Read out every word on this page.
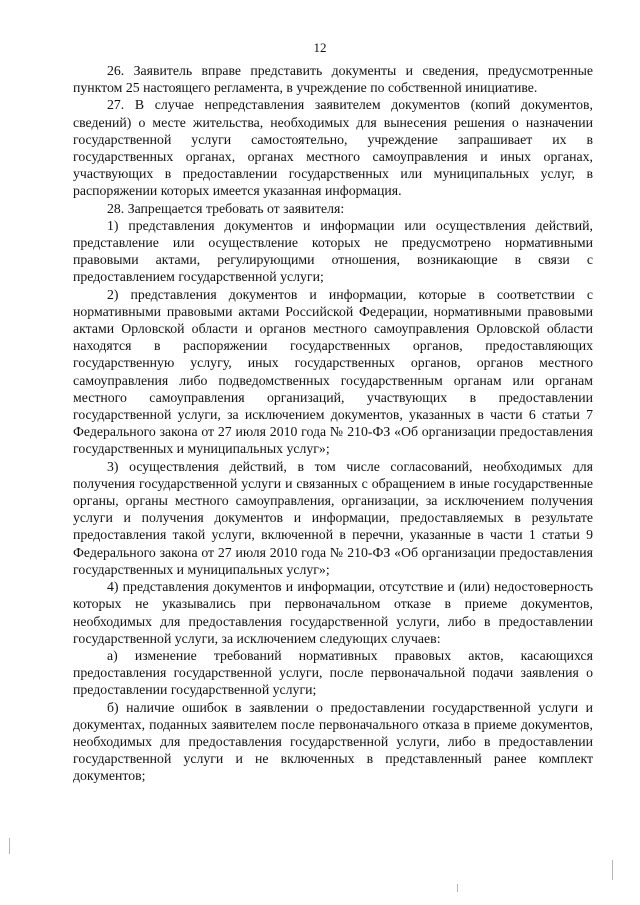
12

26. Заявитель вправе представить документы и сведения, предусмотренные пунктом 25 настоящего регламента, в учреждение по собственной инициативе.

27. В случае непредставления заявителем документов (копий документов, сведений) о месте жительства, необходимых для вынесения решения о назначении государственной услуги самостоятельно, учреждение запрашивает их в государственных органах, органах местного самоуправления и иных органах, участвующих в предоставлении государственных или муниципальных услуг, в распоряжении которых имеется указанная информация.

28. Запрещается требовать от заявителя:

1) представления документов и информации или осуществления действий, представление или осуществление которых не предусмотрено нормативными правовыми актами, регулирующими отношения, возникающие в связи с предоставлением государственной услуги;

2) представления документов и информации, которые в соответствии с нормативными правовыми актами Российской Федерации, нормативными правовыми актами Орловской области и органов местного самоуправления Орловской области находятся в распоряжении государственных органов, предоставляющих государственную услугу, иных государственных органов, органов местного самоуправления либо подведомственных государственным органам или органам местного самоуправления организаций, участвующих в предоставлении государственной услуги, за исключением документов, указанных в части 6 статьи 7 Федерального закона от 27 июля 2010 года № 210-ФЗ «Об организации предоставления государственных и муниципальных услуг»;

3) осуществления действий, в том числе согласований, необходимых для получения государственной услуги и связанных с обращением в иные государственные органы, органы местного самоуправления, организации, за исключением получения услуги и получения документов и информации, предоставляемых в результате предоставления такой услуги, включенной в перечни, указанные в части 1 статьи 9 Федерального закона от 27 июля 2010 года № 210-ФЗ «Об организации предоставления государственных и муниципальных услуг»;

4) представления документов и информации, отсутствие и (или) недостоверность которых не указывались при первоначальном отказе в приеме документов, необходимых для предоставления государственной услуги, либо в предоставлении государственной услуги, за исключением следующих случаев:

а) изменение требований нормативных правовых актов, касающихся предоставления государственной услуги, после первоначальной подачи заявления о предоставлении государственной услуги;

б) наличие ошибок в заявлении о предоставлении государственной услуги и документах, поданных заявителем после первоначального отказа в приеме документов, необходимых для предоставления государственной услуги, либо в предоставлении государственной услуги и не включенных в представленный ранее комплект документов;
